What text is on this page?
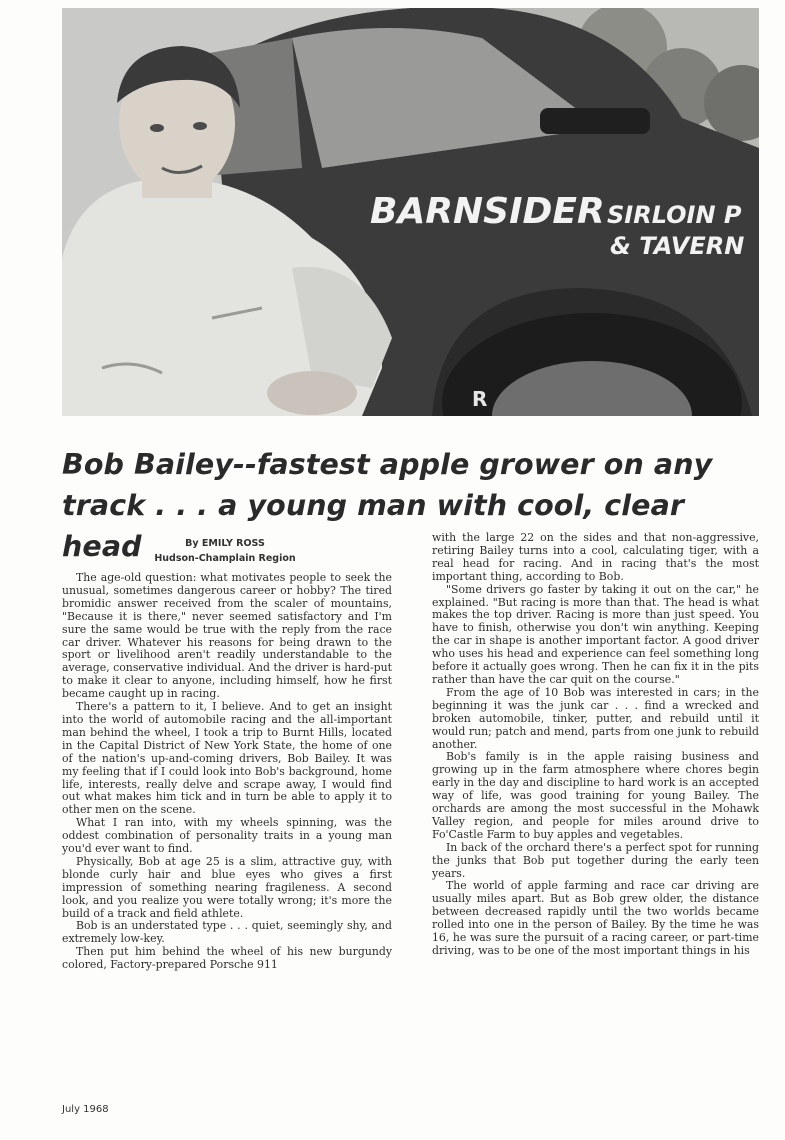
BARNSIDER SIRLOIN P
& TAVERN
R
Bob Bailey--fastest apple grower on any
track . . . a young man with cool, clear head	By EMILY ROSS
Hudson-Champlain Region

The age-old question: what motivates people to seek the unusual, sometimes dangerous career or hobby? The tired bromidic answer received from the scaler of mountains, "Because it is there," never seemed satisfactory and I'm sure the same would be true with the reply from the race car driver. Whatever his reasons for being drawn to the sport or livelihood aren't readily understandable to the average, conservative individual. And the driver is hard-put to make it clear to anyone, including himself, how he first became caught up in racing.

There's a pattern to it, I believe. And to get an insight into the world of automobile racing and the all-important man behind the wheel, I took a trip to Burnt Hills, located in the Capital District of New York State, the home of one of the nation's up-and-coming drivers, Bob Bailey. It was my feeling that if I could look into Bob's background, home life, interests, really delve and scrape away, I would find out what makes him tick and in turn be able to apply it to other men on the scene.

What I ran into, with my wheels spinning, was the oddest combination of personality traits in a young man you'd ever want to find.

Physically, Bob at age 25 is a slim, attractive guy, with blonde curly hair and blue eyes who gives a first impression of something nearing fragileness. A second look, and you realize you were totally wrong; it's more the build of a track and field athlete.

Bob is an understated type . . . quiet, seemingly shy, and extremely low-key.

Then put him behind the wheel of his new burgundy colored, Factory-prepared Porsche 911

with the large 22 on the sides and that non-aggressive, retiring Bailey turns into a cool, calculating tiger, with a real head for racing. And in racing that's the most important thing, according to Bob.

"Some drivers go faster by taking it out on the car," he explained. "But racing is more than that. The head is what makes the top driver. Racing is more than just speed. You have to finish, otherwise you don't win anything. Keeping the car in shape is another important factor. A good driver who uses his head and experience can feel something long before it actually goes wrong. Then he can fix it in the pits rather than have the car quit on the course."

From the age of 10 Bob was interested in cars; in the beginning it was the junk car . . . find a wrecked and broken automobile, tinker, putter, and rebuild until it would run; patch and mend, parts from one junk to rebuild another.

Bob's family is in the apple raising business and growing up in the farm atmosphere where chores begin early in the day and discipline to hard work is an accepted way of life, was good training for young Bailey. The orchards are among the most successful in the Mohawk Valley region, and people for miles around drive to Fo'Castle Farm to buy apples and vegetables.

In back of the orchard there's a perfect spot for running the junks that Bob put together during the early teen years.

The world of apple farming and race car driving are usually miles apart. But as Bob grew older, the distance between decreased rapidly until the two worlds became rolled into one in the person of Bailey. By the time he was 16, he was sure the pursuit of a racing career, or part-time driving, was to be one of the most important things in his

July 1968
